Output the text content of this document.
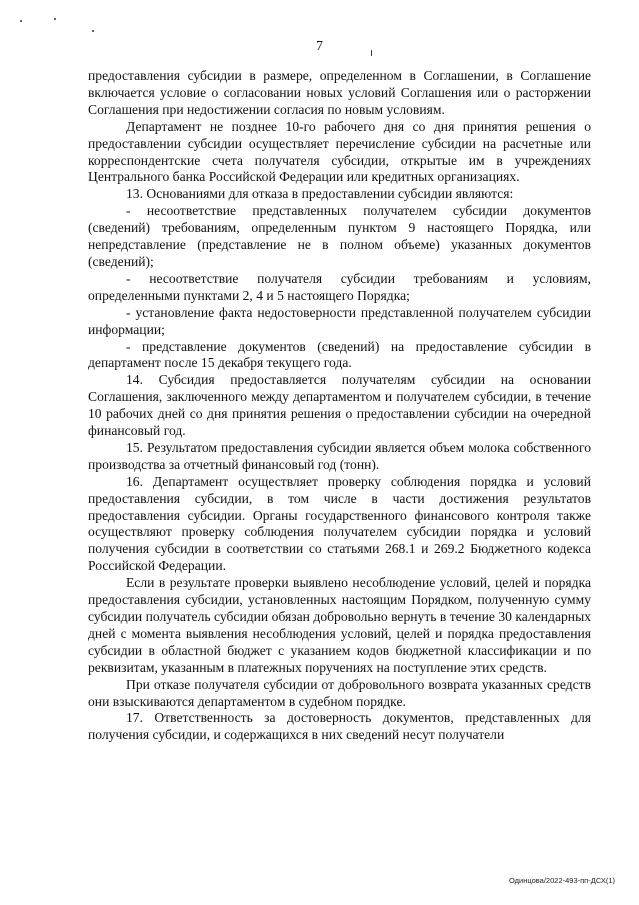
7

предоставления субсидии в размере, определенном в Соглашении, в Соглашение включается условие о согласовании новых условий Соглашения или о расторжении Соглашения при недостижении согласия по новым условиям.

Департамент не позднее 10-го рабочего дня со дня принятия решения о предоставлении субсидии осуществляет перечисление субсидии на расчетные или корреспондентские счета получателя субсидии, открытые им в учреждениях Центрального банка Российской Федерации или кредитных организациях.

13. Основаниями для отказа в предоставлении субсидии являются:

- несоответствие представленных получателем субсидии документов (сведений) требованиям, определенным пунктом 9 настоящего Порядка, или непредставление (представление не в полном объеме) указанных документов (сведений);

- несоответствие получателя субсидии требованиям и условиям, определенными пунктами 2, 4 и 5 настоящего Порядка;

- установление факта недостоверности представленной получателем субсидии информации;

- представление документов (сведений) на предоставление субсидии в департамент после 15 декабря текущего года.

14. Субсидия предоставляется получателям субсидии на основании Соглашения, заключенного между департаментом и получателем субсидии, в течение 10 рабочих дней со дня принятия решения о предоставлении субсидии на очередной финансовый год.

15. Результатом предоставления субсидии является объем молока собственного производства за отчетный финансовый год (тонн).

16. Департамент осуществляет проверку соблюдения порядка и условий предоставления субсидии, в том числе в части достижения результатов предоставления субсидии. Органы государственного финансового контроля также осуществляют проверку соблюдения получателем субсидии порядка и условий получения субсидии в соответствии со статьями 268.1 и 269.2 Бюджетного кодекса Российской Федерации.

Если в результате проверки выявлено несоблюдение условий, целей и порядка предоставления субсидии, установленных настоящим Порядком, полученную сумму субсидии получатель субсидии обязан добровольно вернуть в течение 30 календарных дней с момента выявления несоблюдения условий, целей и порядка предоставления субсидии в областной бюджет с указанием кодов бюджетной классификации и по реквизитам, указанным в платежных поручениях на поступление этих средств.

При отказе получателя субсидии от добровольного возврата указанных средств они взыскиваются департаментом в судебном порядке.

17. Ответственность за достоверность документов, представленных для получения субсидии, и содержащихся в них сведений несут получатели

Одинцова/2022-493-пп-ДСХ(1)
